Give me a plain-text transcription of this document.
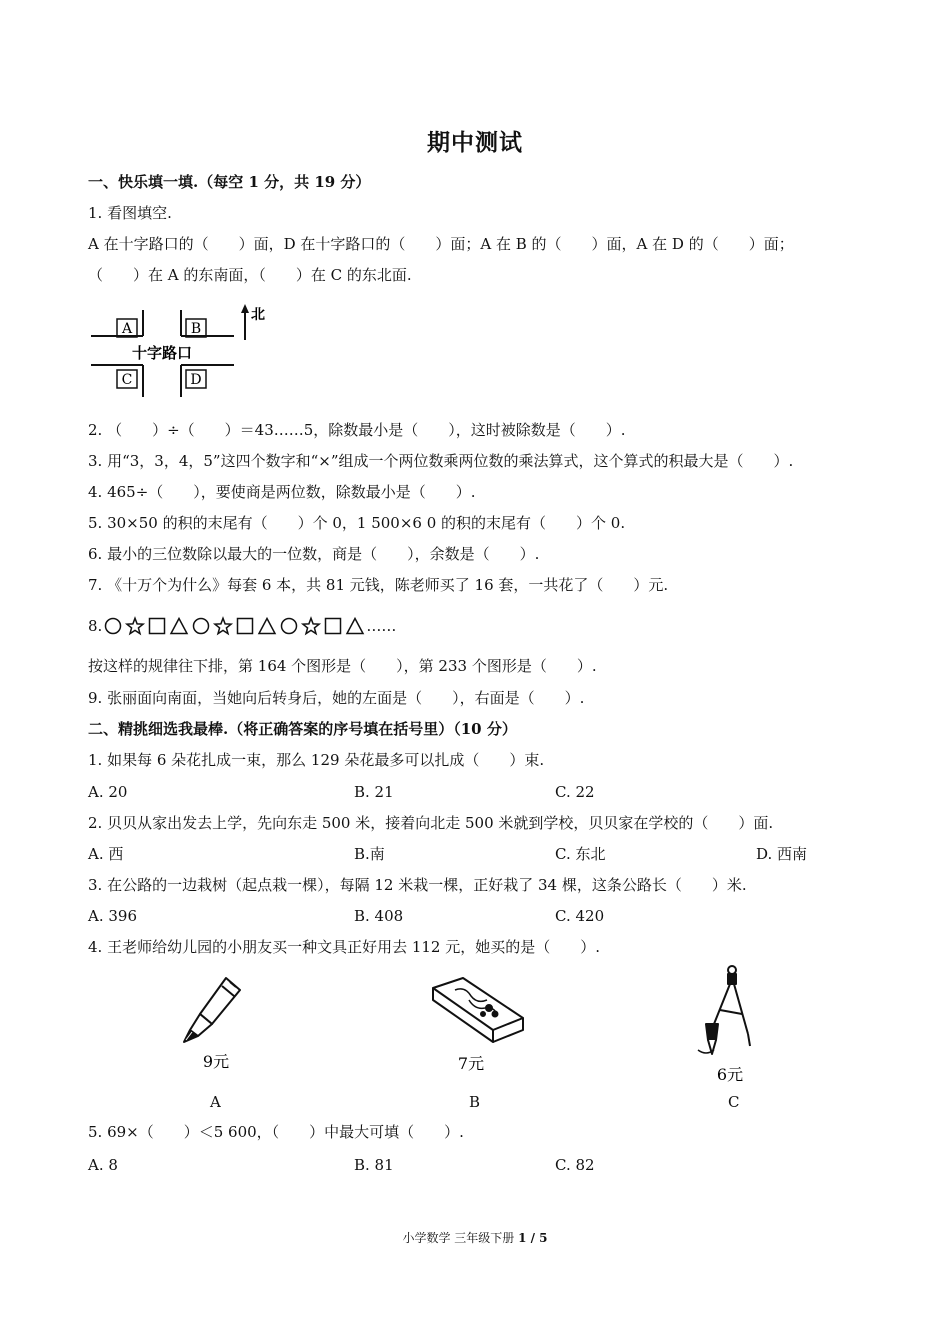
期中测试
一、快乐填一填.（每空 1 分，共 19 分）
1. 看图填空.
A 在十字路口的（　　）面，D 在十字路口的（　　）面；A 在 B 的（　　）面，A 在 D 的（　　）面；
（　　）在 A 的东南面，（　　）在 C 的东北面.
A	B
C	D
十字路口
北
2. （　　）÷（　　）＝43……5，除数最小是（　　），这时被除数是（　　）.
3. 用“3，3，4，5”这四个数字和“×”组成一个两位数乘两位数的乘法算式，这个算式的积最大是（　　）.
4. 465÷（　　），要使商是两位数，除数最小是（　　）.
5. 30×50 的积的末尾有（　　）个 0，1 500×6 0 的积的末尾有（　　）个 0.
6. 最小的三位数除以最大的一位数，商是（　　），余数是（　　）.
7. 《十万个为什么》每套 6 本，共 81 元钱，陈老师买了 16 套，一共花了（　　）元.
8.	……
按这样的规律往下排，第 164 个图形是（　　），第 233 个图形是（　　）.
9. 张丽面向南面，当她向后转身后，她的左面是（　　），右面是（　　）.
二、精挑细选我最棒.（将正确答案的序号填在括号里）（10 分）
1. 如果每 6 朵花扎成一束，那么 129 朵花最多可以扎成（　　）束.
A. 20	B. 21	C. 22
2. 贝贝从家出发去上学，先向东走 500 米，接着向北走 500 米就到学校，贝贝家在学校的（　　）面.
A. 西	B.南	C. 东北	D. 西南
3. 在公路的一边栽树（起点栽一棵），每隔 12 米栽一棵，正好栽了 34 棵，这条公路长（　　）米.
A. 396	B. 408	C. 420
4. 王老师给幼儿园的小朋友买一种文具正好用去 112 元，她买的是（　　）.
9元	7元
6元
A	B	C
5. 69×（　　）＜5 600，（　　）中最大可填（　　）.
A. 8	B. 81	C. 82
小学数学 三年级下册 1 / 5
